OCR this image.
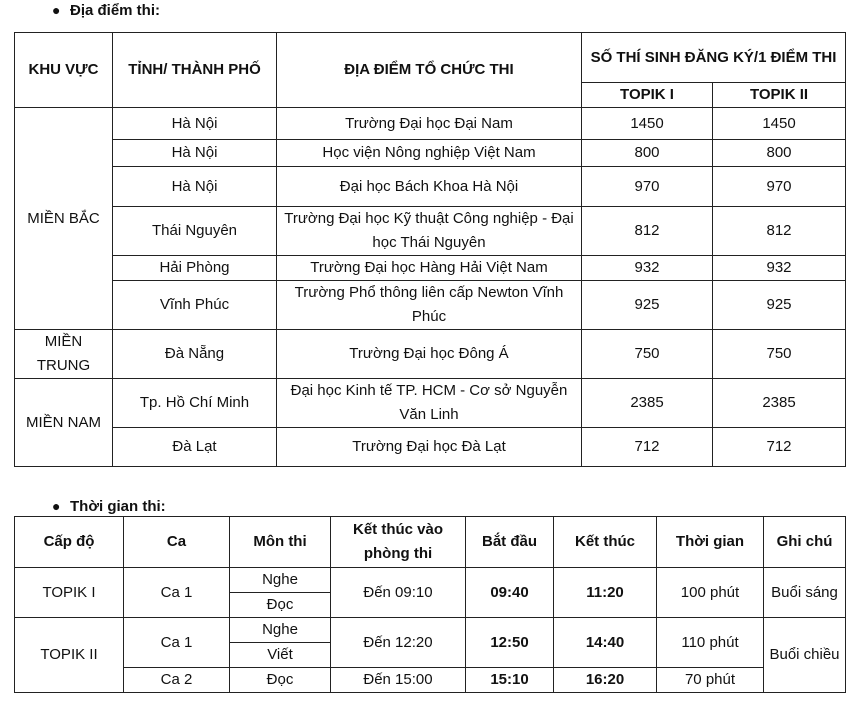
● Địa điểm thi:
KHU VỰC	TỈNH/ THÀNH PHỐ	ĐỊA ĐIỂM TỔ CHỨC THI	SỐ THÍ SINH ĐĂNG KÝ/1 ĐIỂM THI	
			TOPIK I	TOPIK II
MIỀN BẮC	Hà Nội	Trường Đại học Đại Nam	1450	1450
	Hà Nội	Học viện Nông nghiệp Việt Nam	800	800
	Hà Nội	Đại học Bách Khoa Hà Nội	970	970
	Thái Nguyên	Trường Đại học Kỹ thuật Công nghiệp - Đại học Thái Nguyên	812	812
	Hải Phòng	Trường Đại học Hàng Hải Việt Nam	932	932
	Vĩnh Phúc	Trường Phổ thông liên cấp Newton Vĩnh Phúc	925	925
MIỀN TRUNG	Đà Nẵng	Trường Đại học Đông Á	750	750
MIỀN NAM	Tp. Hồ Chí Minh	Đại học Kinh tế TP. HCM - Cơ sở Nguyễn Văn Linh	2385	2385
	Đà Lạt	Trường Đại học Đà Lạt	712	712
● Thời gian thi:
Cấp độ	Ca	Môn thi	Kết thúc vào phòng thi	Bắt đầu	Kết thúc	Thời gian	Ghi chú
TOPIK I	Ca 1	Nghe	Đến 09:10	09:40	11:20	100 phút	Buổi sáng
		Đọc					
TOPIK II	Ca 1	Nghe	Đến 12:20	12:50	14:40	110 phút	Buổi chiều
		Viết					
	Ca 2	Đọc	Đến 15:00	15:10	16:20	70 phút	
